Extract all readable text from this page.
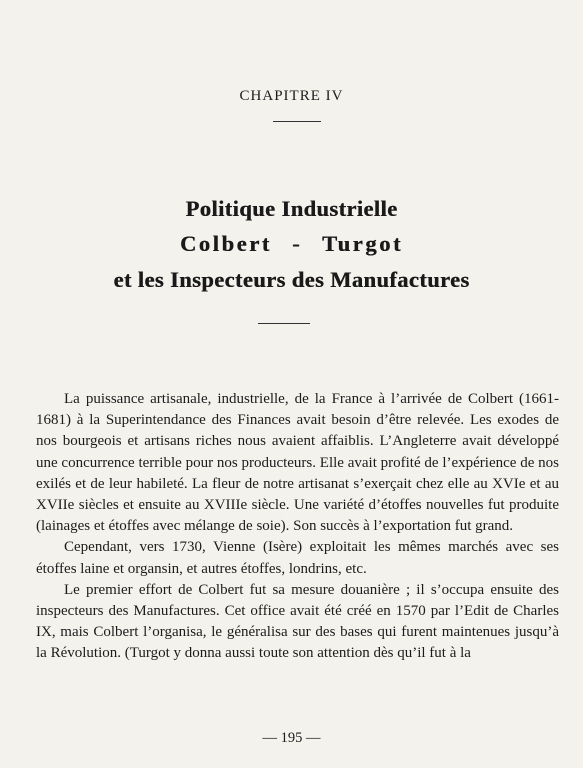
CHAPITRE IV
Politique Industrielle
Colbert - Turgot
et les Inspecteurs des Manufactures

La puissance artisanale, industrielle, de la France à l’arrivée de Colbert (1661-1681) à la Superintendance des Finances avait besoin d’être relevée. Les exodes de nos bourgeois et artisans riches nous avaient affaiblis. L’Angleterre avait développé une concurrence terrible pour nos producteurs. Elle avait profité de l’expérience de nos exilés et de leur habileté. La fleur de notre artisanat s’exerçait chez elle au XVIe et au XVIIe siècles et ensuite au XVIIIe siècle. Une variété d’étoffes nouvelles fut produite (lainages et étoffes avec mélange de soie). Son succès à l’exportation fut grand.

Cependant, vers 1730, Vienne (Isère) exploitait les mêmes marchés avec ses étoffes laine et organsin, et autres étoffes, londrins, etc.

Le premier effort de Colbert fut sa mesure douanière ; il s’occupa ensuite des inspecteurs des Manufactures. Cet office avait été créé en 1570 par l’Edit de Charles IX, mais Colbert l’organisa, le généralisa sur des bases qui furent maintenues jusqu’à la Révolution. (Turgot y donna aussi toute son attention dès qu’il fut à la

— 195 —
